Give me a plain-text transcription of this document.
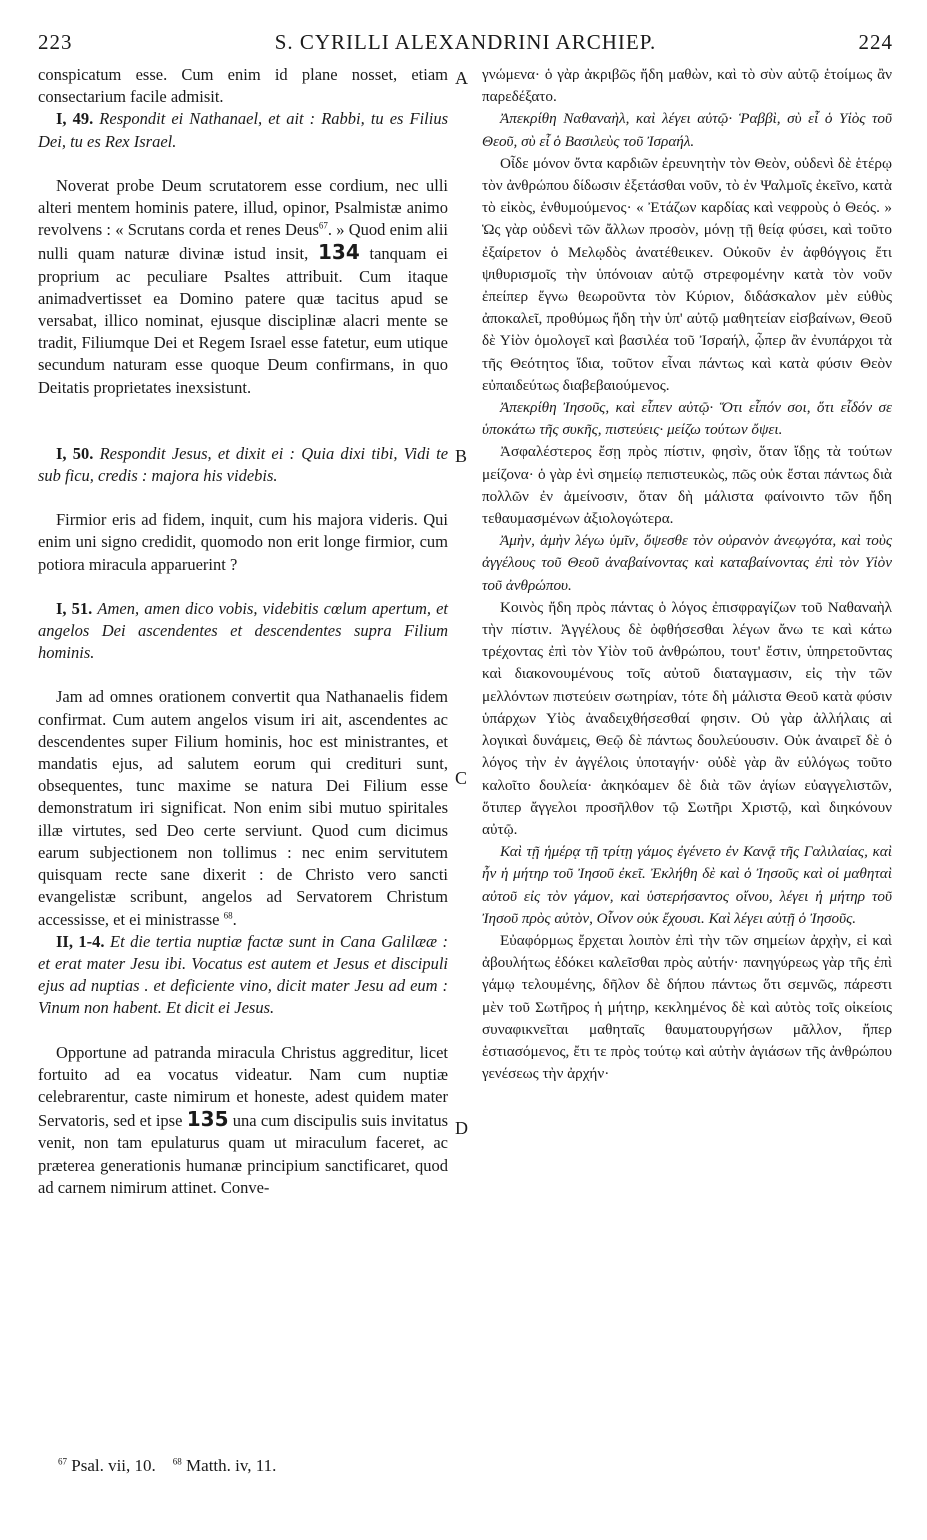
223	S. CYRILLI ALEXANDRINI ARCHIEP.	224
A
B
C
D

conspicatum esse. Cum enim id plane nosset, etiam consectarium facile admisit.

I, 49. Respondit ei Nathanael, et ait : Rabbi, tu es Filius Dei, tu es Rex Israel.

Noverat probe Deum scrutatorem esse cordium, nec ulli alteri mentem hominis patere, illud, opinor, Psalmistæ animo revolvens : « Scrutans corda et renes Deus$^{67}$. » Quod enim alii nulli quam naturæ divinæ istud insit, 134 tanquam ei proprium ac peculiare Psaltes attribuit. Cum itaque animadvertisset ea Domino patere quæ tacitus apud se versabat, illico nominat, ejusque disciplinæ alacri mente se tradit, Filiumque Dei et Regem Israel esse fatetur, eum utique secundum naturam esse quoque Deum confirmans, in quo Deitatis proprietates inexsistunt.

I, 50. Respondit Jesus, et dixit ei : Quia dixi tibi, Vidi te sub ficu, credis : majora his videbis.

Firmior eris ad fidem, inquit, cum his majora videris. Qui enim uni signo credidit, quomodo non erit longe firmior, cum potiora miracula apparuerint ?

I, 51. Amen, amen dico vobis, videbitis cœlum apertum, et angelos Dei ascendentes et descendentes supra Filium hominis.

Jam ad omnes orationem convertit qua Nathanaelis fidem confirmat. Cum autem angelos visum iri ait, ascendentes ac descendentes super Filium hominis, hoc est ministrantes, et mandatis ejus, ad salutem eorum qui credituri sunt, obsequentes, tunc maxime se natura Dei Filium esse demonstratum iri significat. Non enim sibi mutuo spiritales illæ virtutes, sed Deo certe serviunt. Quod cum dicimus earum subjectionem non tollimus : nec enim servitutem quisquam recte sane dixerit : de Christo vero sancti evangelistæ scribunt, angelos ad Servatorem Christum accessisse, et ei ministrasse $^{68}$.

II, 1-4. Et die tertia nuptiæ factæ sunt in Cana Galilææ : et erat mater Jesu ibi. Vocatus est autem et Jesus et discipuli ejus ad nuptias . et deficiente vino, dicit mater Jesu ad eum : Vinum non habent. Et dicit ei Jesus.

Opportune ad patranda miracula Christus aggreditur, licet fortuito ad ea vocatus videatur. Nam cum nuptiæ celebrarentur, caste nimirum et honeste, adest quidem mater Servatoris, sed et ipse 135 una cum discipulis suis invitatus venit, non tam epulaturus quam ut miraculum faceret, ac præterea generationis humanæ principium sanctificaret, quod ad carnem nimirum attinet. Conve-

γνώμενα· ὁ γὰρ ἀκριβῶς ἤδη μαθὼν, καὶ τὸ σὺν αὐτῷ ἑτοίμως ἂν παρεδέξατο.

Ἀπεκρίθη Ναθαναὴλ, καὶ λέγει αὐτῷ· Ῥαββὶ, σὺ εἶ ὁ Υἱὸς τοῦ Θεοῦ, σὺ εἶ ὁ Βασιλεὺς τοῦ Ἰσραήλ.

Οἶδε μόνον ὄντα καρδιῶν ἐρευνητὴν τὸν Θεὸν, οὐδενὶ δὲ ἑτέρῳ τὸν ἀνθρώπου δίδωσιν ἐξετάσθαι νοῦν, τὸ ἐν Ψαλμοῖς ἐκεῖνο, κατὰ τὸ εἰκὸς, ἐνθυμούμενος· « Ἐτάζων καρδίας καὶ νεφροὺς ὁ Θεός. » Ὡς γὰρ οὐδενὶ τῶν ἄλλων προσὸν, μόνῃ τῇ θείᾳ φύσει, καὶ τοῦτο ἐξαίρετον ὁ Μελῳδὸς ἀνατέθεικεν. Οὐκοῦν ἐν ἀφθόγγοις ἔτι ψιθυρισμοῖς τὴν ὑπόνοιαν αὐτῷ στρεφομένην κατὰ τὸν νοῦν ἐπείπερ ἔγνω θεωροῦντα τὸν Κύριον, διδάσκαλον μὲν εὐθὺς ἀποκαλεῖ, προθύμως ἤδη τὴν ὑπ' αὐτῷ μαθητείαν εἰσβαίνων, Θεοῦ δὲ Υἱὸν ὁμολογεῖ καὶ βασιλέα τοῦ Ἰσραήλ, ᾧπερ ἂν ἐνυπάρχοι τὰ τῆς Θεότητος ἴδια, τοῦτον εἶναι πάντως καὶ κατὰ φύσιν Θεὸν εὐπαιδεύτως διαβεβαιούμενος.

Ἀπεκρίθη Ἰησοῦς, καὶ εἶπεν αὐτῷ· Ὅτι εἶπόν σοι, ὅτι εἶδόν σε ὑποκάτω τῆς συκῆς, πιστεύεις· μείζω τούτων ὄψει.

Ἀσφαλέστερος ἔσῃ πρὸς πίστιν, φησὶν, ὅταν ἴδῃς τὰ τούτων μείζονα· ὁ γὰρ ἑνὶ σημείῳ πεπιστευκὼς, πῶς οὐκ ἔσται πάντως διὰ πολλῶν ἐν ἀμείνοσιν, ὅταν δὴ μάλιστα φαίνοιντο τῶν ἤδη τεθαυμασμένων ἀξιολογώτερα.

Ἀμὴν, ἀμὴν λέγω ὑμῖν, ὄψεσθε τὸν οὐρανὸν ἀνεῳγότα, καὶ τοὺς ἀγγέλους τοῦ Θεοῦ ἀναβαίνοντας καὶ καταβαίνοντας ἐπὶ τὸν Υἱὸν τοῦ ἀνθρώπου.

Κοινὸς ἤδη πρὸς πάντας ὁ λόγος ἐπισφραγίζων τοῦ Ναθαναὴλ τὴν πίστιν. Ἀγγέλους δὲ ὀφθήσεσθαι λέγων ἄνω τε καὶ κάτω τρέχοντας ἐπὶ τὸν Υἱὸν τοῦ ἀνθρώπου, τουτ' ἔστιν, ὑπηρετοῦντας καὶ διακονουμένους τοῖς αὐτοῦ διαταγμασιν, εἰς τὴν τῶν μελλόντων πιστεύειν σωτηρίαν, τότε δὴ μάλιστα Θεοῦ κατὰ φύσιν ὑπάρχων Υἱὸς ἀναδειχθήσεσθαί φησιν. Οὐ γὰρ ἀλλήλαις αἱ λογικαὶ δυνάμεις, Θεῷ δὲ πάντως δουλεύουσιν. Οὐκ ἀναιρεῖ δὲ ὁ λόγος τὴν ἐν ἀγγέλοις ὑποταγήν· οὐδὲ γὰρ ἂν εὐλόγως τοῦτο καλοῖτο δουλεία· ἀκηκόαμεν δὲ διὰ τῶν ἁγίων εὐαγγελιστῶν, ὅτιπερ ἄγγελοι προσῆλθον τῷ Σωτῆρι Χριστῷ, καὶ διηκόνουν αὐτῷ.

Καὶ τῇ ἡμέρᾳ τῇ τρίτῃ γάμος ἐγένετο ἐν Κανᾷ τῆς Γαλιλαίας, καὶ ἦν ἡ μήτηρ τοῦ Ἰησοῦ ἐκεῖ. Ἐκλήθη δὲ καὶ ὁ Ἰησοῦς καὶ οἱ μαθηταὶ αὐτοῦ εἰς τὸν γάμον, καὶ ὑστερήσαντος οἴνου, λέγει ἡ μήτηρ τοῦ Ἰησοῦ πρὸς αὐτὸν, Οἶνον οὐκ ἔχουσι. Καὶ λέγει αὐτῇ ὁ Ἰησοῦς.

Εὐαφόρμως ἔρχεται λοιπὸν ἐπὶ τὴν τῶν σημείων ἀρχὴν, εἰ καὶ ἀβουλήτως ἐδόκει καλεῖσθαι πρὸς αὐτήν· πανηγύρεως γὰρ τῆς ἐπὶ γάμῳ τελουμένης, δῆλον δὲ δήπου πάντως ὅτι σεμνῶς, πάρεστι μὲν τοῦ Σωτῆρος ἡ μήτηρ, κεκλημένος δὲ καὶ αὐτὸς τοῖς οἰκείοις συναφικνεῖται μαθηταῖς θαυματουργήσων μᾶλλον, ἤπερ ἑστιασόμενος, ἔτι τε πρὸς τούτῳ καὶ αὐτὴν ἁγιάσων τῆς ἀνθρώπου γενέσεως τὴν ἀρχήν·

$^{67}$ Psal. vii, 10. $^{68}$ Matth. iv, 11.
